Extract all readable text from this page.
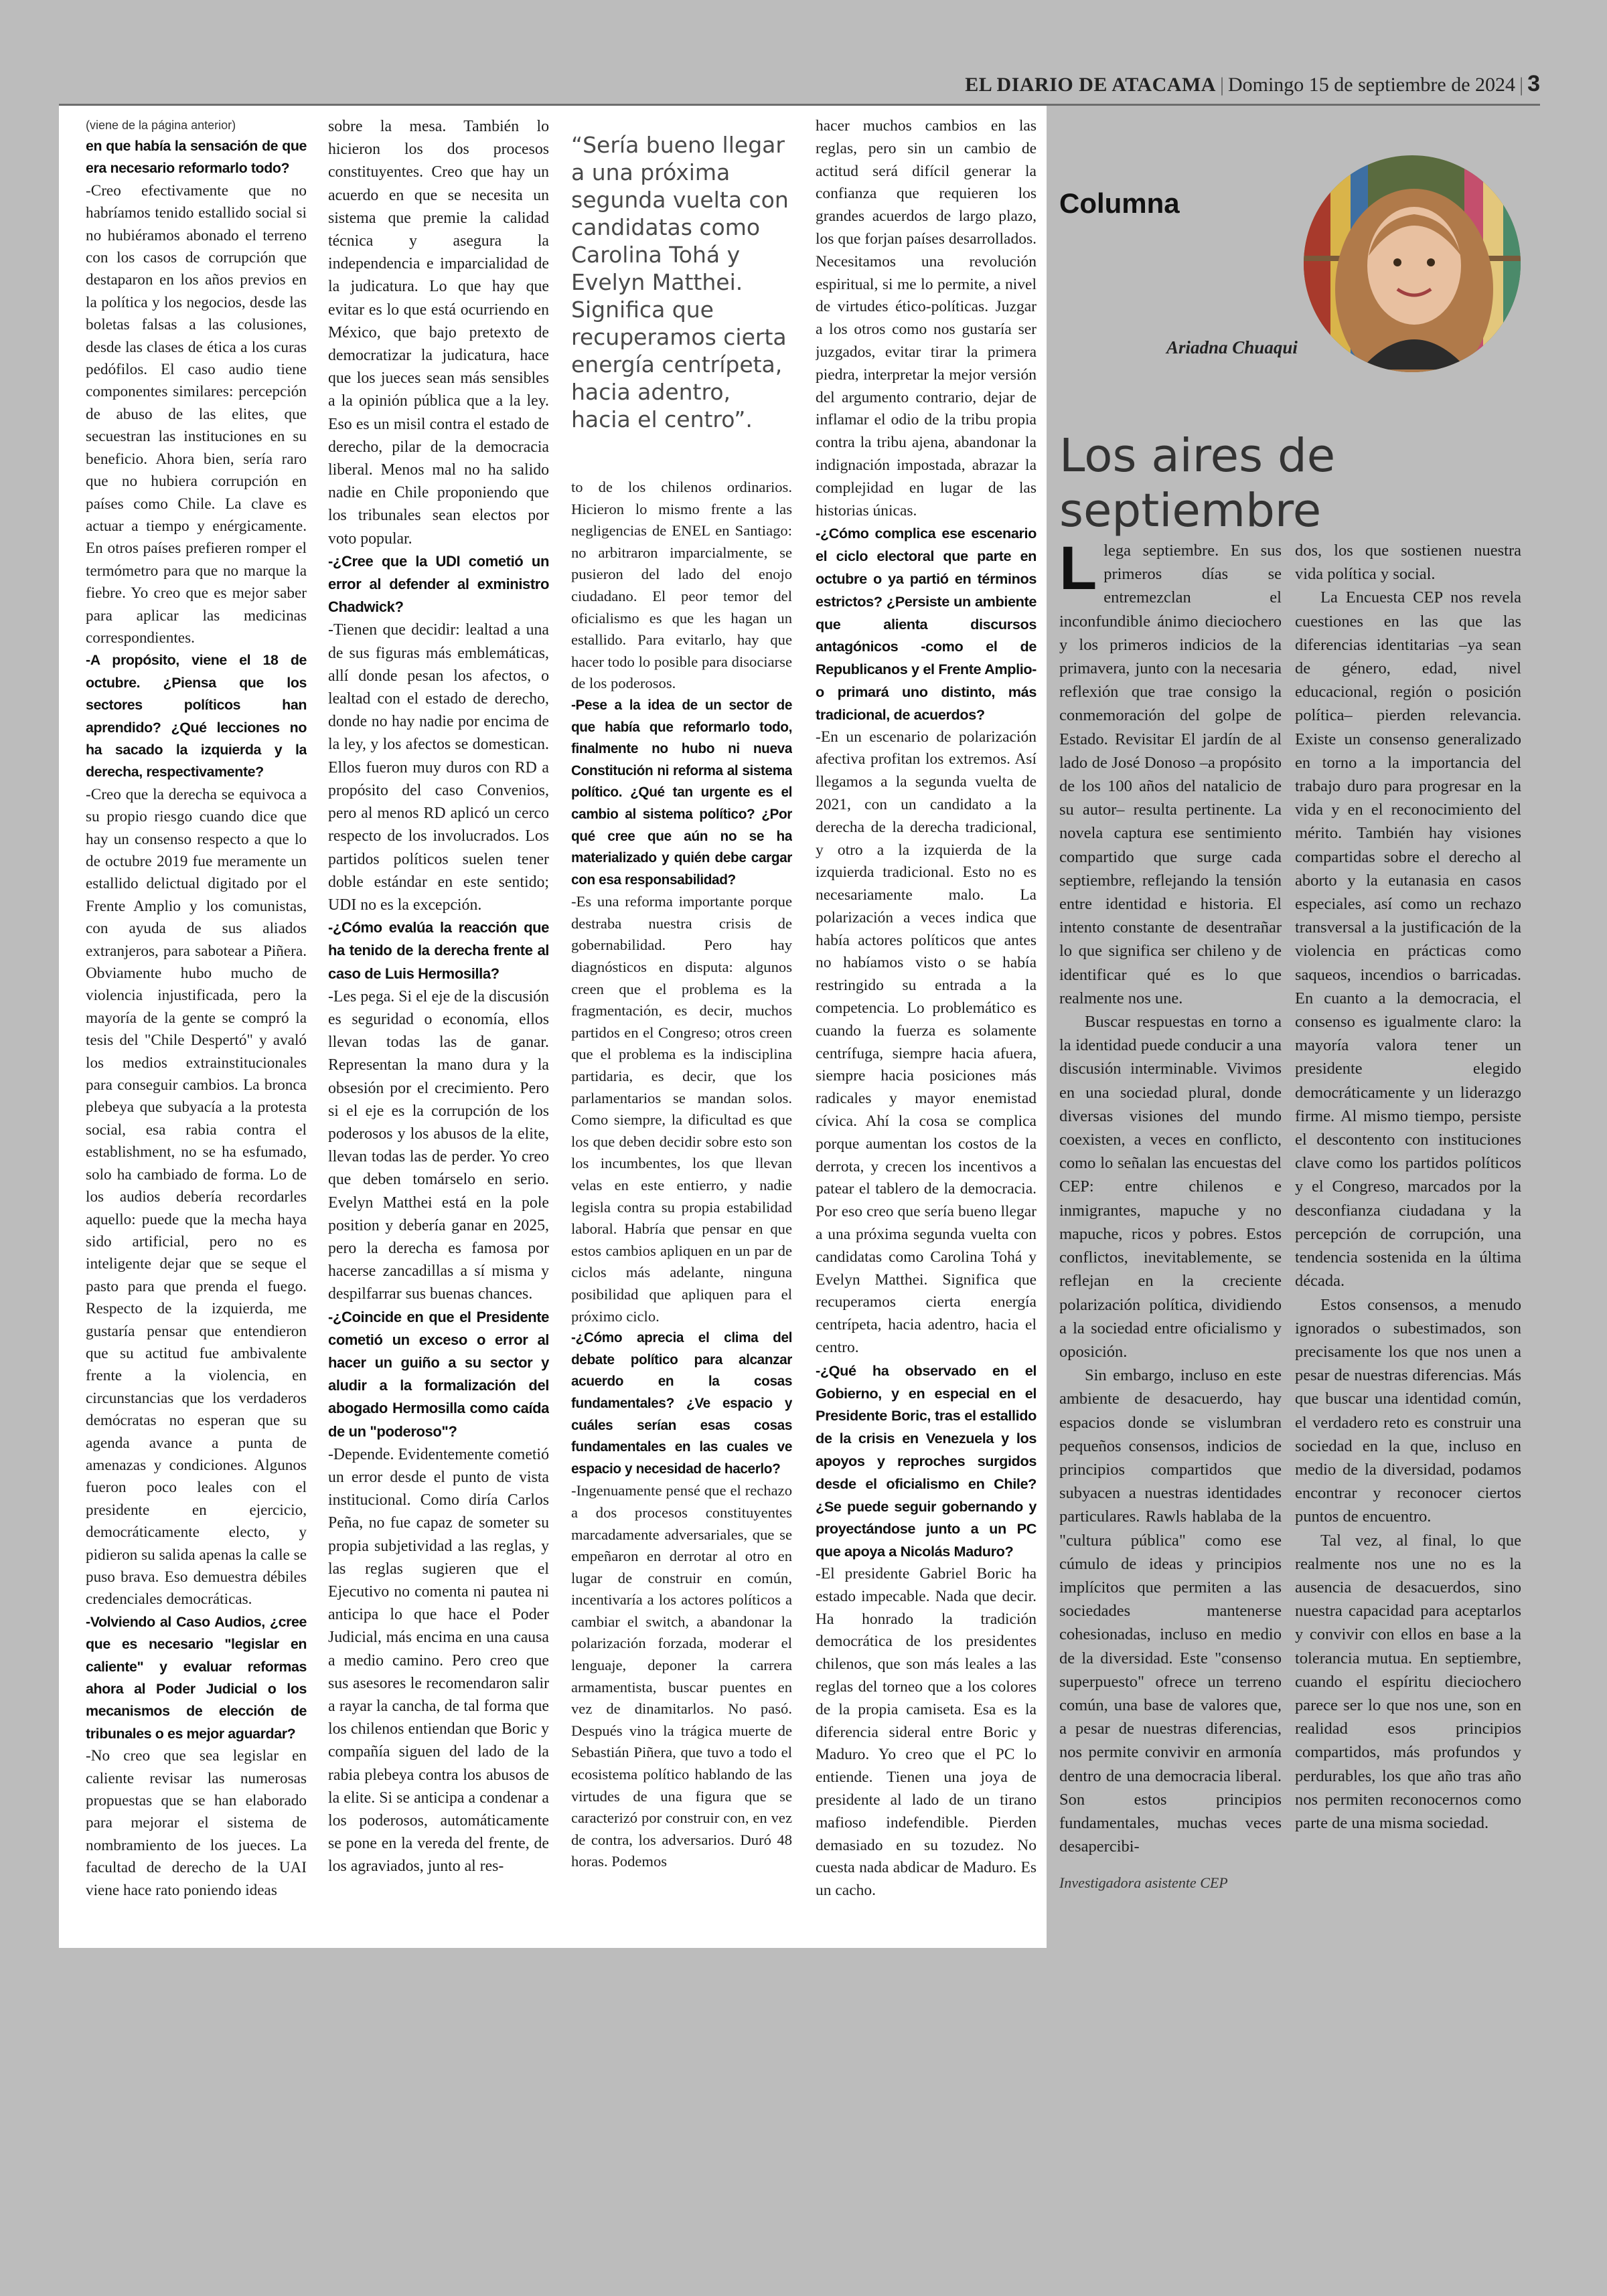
EL DIARIO DE ATACAMA | Domingo 15 de septiembre de 2024 | 3

(viene de la página anterior)

en que había la sensación de que era necesario reformarlo todo?

-Creo efectivamente que no habríamos tenido estallido social si no hubiéramos abonado el terreno con los casos de corrupción que destaparon en los años previos en la política y los negocios, desde las boletas falsas a las colusiones, desde las clases de ética a los curas pedófilos. El caso audio tiene componentes similares: percepción de abuso de las elites, que secuestran las instituciones en su beneficio. Ahora bien, sería raro que no hubiera corrupción en países como Chile. La clave es actuar a tiempo y enérgicamente. En otros países prefieren romper el termómetro para que no marque la fiebre. Yo creo que es mejor saber para aplicar las medicinas correspondientes.

-A propósito, viene el 18 de octubre. ¿Piensa que los sectores políticos han aprendido? ¿Qué lecciones no ha sacado la izquierda y la derecha, respectivamente?

-Creo que la derecha se equivoca a su propio riesgo cuando dice que hay un consenso respecto a que lo de octubre 2019 fue meramente un estallido delictual digitado por el Frente Amplio y los comunistas, con ayuda de sus aliados extranjeros, para sabotear a Piñera. Obviamente hubo mucho de violencia injustificada, pero la mayoría de la gente se compró la tesis del "Chile Despertó" y avaló los medios extrainstitucionales para conseguir cambios. La bronca plebeya que subyacía a la protesta social, esa rabia contra el establishment, no se ha esfumado, solo ha cambiado de forma. Lo de los audios debería recordarles aquello: puede que la mecha haya sido artificial, pero no es inteligente dejar que se seque el pasto para que prenda el fuego. Respecto de la izquierda, me gustaría pensar que entendieron que su actitud fue ambivalente frente a la violencia, en circunstancias que los verdaderos demócratas no esperan que su agenda avance a punta de amenazas y condiciones. Algunos fueron poco leales con el presidente en ejercicio, democráticamente electo, y pidieron su salida apenas la calle se puso brava. Eso demuestra débiles credenciales democráticas.

-Volviendo al Caso Audios, ¿cree que es necesario "legislar en caliente" y evaluar reformas ahora al Poder Judicial o los mecanismos de elección de tribunales o es mejor aguardar?

-No creo que sea legislar en caliente revisar las numerosas propuestas que se han elaborado para mejorar el sistema de nombramiento de los jueces. La facultad de derecho de la UAI viene hace rato poniendo ideas

sobre la mesa. También lo hicieron los dos procesos constituyentes. Creo que hay un acuerdo en que se necesita un sistema que premie la calidad técnica y asegura la independencia e imparcialidad de la judicatura. Lo que hay que evitar es lo que está ocurriendo en México, que bajo pretexto de democratizar la judicatura, hace que los jueces sean más sensibles a la opinión pública que a la ley. Eso es un misil contra el estado de derecho, pilar de la democracia liberal. Menos mal no ha salido nadie en Chile proponiendo que los tribunales sean electos por voto popular.

-¿Cree que la UDI cometió un error al defender al exministro Chadwick?

-Tienen que decidir: lealtad a una de sus figuras más emblemáticas, allí donde pesan los afectos, o lealtad con el estado de derecho, donde no hay nadie por encima de la ley, y los afectos se domestican. Ellos fueron muy duros con RD a propósito del caso Convenios, pero al menos RD aplicó un cerco respecto de los involucrados. Los partidos políticos suelen tener doble estándar en este sentido; UDI no es la excepción.

-¿Cómo evalúa la reacción que ha tenido de la derecha frente al caso de Luis Hermosilla?

-Les pega. Si el eje de la discusión es seguridad o economía, ellos llevan todas las de ganar. Representan la mano dura y la obsesión por el crecimiento. Pero si el eje es la corrupción de los poderosos y los abusos de la elite, llevan todas las de perder. Yo creo que deben tomárselo en serio. Evelyn Matthei está en la pole position y debería ganar en 2025, pero la derecha es famosa por hacerse zancadillas a sí misma y despilfarrar sus buenas chances.

-¿Coincide en que el Presidente cometió un exceso o error al hacer un guiño a su sector y aludir a la formalización del abogado Hermosilla como caída de un "poderoso"?

-Depende. Evidentemente cometió un error desde el punto de vista institucional. Como diría Carlos Peña, no fue capaz de someter su propia subjetividad a las reglas, y las reglas sugieren que el Ejecutivo no comenta ni pautea ni anticipa lo que hace el Poder Judicial, más encima en una causa a medio camino. Pero creo que sus asesores le recomendaron salir a rayar la cancha, de tal forma que los chilenos entiendan que Boric y compañía siguen del lado de la rabia plebeya contra los abusos de la elite. Si se anticipa a condenar a los poderosos, automáticamente se pone en la vereda del frente, de los agraviados, junto al res-

“Sería bueno llegar a una próxima segunda vuelta con candidatas como Carolina Tohá y Evelyn Matthei. Significa que recuperamos cierta energía centrípeta, hacia adentro, hacia el centro”.

to de los chilenos ordinarios. Hicieron lo mismo frente a las negligencias de ENEL en Santiago: no arbitraron imparcialmente, se pusieron del lado del enojo ciudadano. El peor temor del oficialismo es que les hagan un estallido. Para evitarlo, hay que hacer todo lo posible para disociarse de los poderosos.

-Pese a la idea de un sector de que había que reformarlo todo, finalmente no hubo ni nueva Constitución ni reforma al sistema político. ¿Qué tan urgente es el cambio al sistema político? ¿Por qué cree que aún no se ha materializado y quién debe cargar con esa responsabilidad?

-Es una reforma importante porque destraba nuestra crisis de gobernabilidad. Pero hay diagnósticos en disputa: algunos creen que el problema es la fragmentación, es decir, muchos partidos en el Congreso; otros creen que el problema es la indisciplina partidaria, es decir, que los parlamentarios se mandan solos. Como siempre, la dificultad es que los que deben decidir sobre esto son los incumbentes, los que llevan velas en este entierro, y nadie legisla contra su propia estabilidad laboral. Habría que pensar en que estos cambios apliquen en un par de ciclos más adelante, ninguna posibilidad que apliquen para el próximo ciclo.

-¿Cómo aprecia el clima del debate político para alcanzar acuerdo en la cosas fundamentales? ¿Ve espacio y cuáles serían esas cosas fundamentales en las cuales ve espacio y necesidad de hacerlo?

-Ingenuamente pensé que el rechazo a dos procesos constituyentes marcadamente adversariales, que se empeñaron en derrotar al otro en lugar de construir en común, incentivaría a los actores políticos a cambiar el switch, a abandonar la polarización forzada, moderar el lenguaje, deponer la carrera armamentista, buscar puentes en vez de dinamitarlos. No pasó. Después vino la trágica muerte de Sebastián Piñera, que tuvo a todo el ecosistema político hablando de las virtudes de una figura que se caracterizó por construir con, en vez de contra, los adversarios. Duró 48 horas. Podemos

hacer muchos cambios en las reglas, pero sin un cambio de actitud será difícil generar la confianza que requieren los grandes acuerdos de largo plazo, los que forjan países desarrollados. Necesitamos una revolución espiritual, si me lo permite, a nivel de virtudes ético-políticas. Juzgar a los otros como nos gustaría ser juzgados, evitar tirar la primera piedra, interpretar la mejor versión del argumento contrario, dejar de inflamar el odio de la tribu propia contra la tribu ajena, abandonar la indignación impostada, abrazar la complejidad en lugar de las historias únicas.

-¿Cómo complica ese escenario el ciclo electoral que parte en octubre o ya partió en términos estrictos? ¿Persiste un ambiente que alienta discursos antagónicos -como el de Republicanos y el Frente Amplio- o primará uno distinto, más tradicional, de acuerdos?

-En un escenario de polarización afectiva profitan los extremos. Así llegamos a la segunda vuelta de 2021, con un candidato a la derecha de la derecha tradicional, y otro a la izquierda de la izquierda tradicional. Esto no es necesariamente malo. La polarización a veces indica que había actores políticos que antes no habíamos visto o se había restringido su entrada a la competencia. Lo problemático es cuando la fuerza es solamente centrífuga, siempre hacia afuera, siempre hacia posiciones más radicales y mayor enemistad cívica. Ahí la cosa se complica porque aumentan los costos de la derrota, y crecen los incentivos a patear el tablero de la democracia. Por eso creo que sería bueno llegar a una próxima segunda vuelta con candidatas como Carolina Tohá y Evelyn Matthei. Significa que recuperamos cierta energía centrípeta, hacia adentro, hacia el centro.

-¿Qué ha observado en el Gobierno, y en especial en el Presidente Boric, tras el estallido de la crisis en Venezuela y los apoyos y reproches surgidos desde el oficialismo en Chile? ¿Se puede seguir gobernando y proyectándose junto a un PC que apoya a Nicolás Maduro?

-El presidente Gabriel Boric ha estado impecable. Nada que decir. Ha honrado la tradición democrática de los presidentes chilenos, que son más leales a las reglas del torneo que a los colores de la propia camiseta. Esa es la diferencia sideral entre Boric y Maduro. Yo creo que el PC lo entiende. Tienen una joya de presidente al lado de un tirano mafioso indefendible. Pierden demasiado en su tozudez. No cuesta nada abdicar de Maduro. Es un cacho.

Columna
Ariadna Chuaqui
Los aires de septiembre

Llega septiembre. En sus primeros días se entremezclan el inconfundible ánimo dieciochero y los primeros indicios de la primavera, junto con la necesaria reflexión que trae consigo la conmemoración del golpe de Estado. Revisitar El jardín de al lado de José Donoso –a propósito de los 100 años del natalicio de su autor– resulta pertinente. La novela captura ese sentimiento compartido que surge cada septiembre, reflejando la tensión entre identidad e historia. El intento constante de desentrañar lo que significa ser chileno y de identificar qué es lo que realmente nos une.

Buscar respuestas en torno a la identidad puede conducir a una discusión interminable. Vivimos en una sociedad plural, donde diversas visiones del mundo coexisten, a veces en conflicto, como lo señalan las encuestas del CEP: entre chilenos e inmigrantes, mapuche y no mapuche, ricos y pobres. Estos conflictos, inevitablemente, se reflejan en la creciente polarización política, dividiendo a la sociedad entre oficialismo y oposición.

Sin embargo, incluso en este ambiente de desacuerdo, hay espacios donde se vislumbran pequeños consensos, indicios de principios compartidos que subyacen a nuestras identidades particulares. Rawls hablaba de la "cultura pública" como ese cúmulo de ideas y principios implícitos que permiten a las sociedades mantenerse cohesionadas, incluso en medio de la diversidad. Este "consenso superpuesto" ofrece un terreno común, una base de valores que, a pesar de nuestras diferencias, nos permite convivir en armonía dentro de una democracia liberal. Son estos principios fundamentales, muchas veces desapercibi-

dos, los que sostienen nuestra vida política y social.

La Encuesta CEP nos revela cuestiones en las que las diferencias identitarias –ya sean de género, edad, nivel educacional, región o posición política– pierden relevancia. Existe un consenso generalizado en torno a la importancia del trabajo duro para progresar en la vida y en el reconocimiento del mérito. También hay visiones compartidas sobre el derecho al aborto y la eutanasia en casos especiales, así como un rechazo transversal a la justificación de la violencia en prácticas como saqueos, incendios o barricadas. En cuanto a la democracia, el consenso es igualmente claro: la mayoría valora tener un presidente elegido democráticamente y un liderazgo firme. Al mismo tiempo, persiste el descontento con instituciones clave como los partidos políticos y el Congreso, marcados por la desconfianza ciudadana y la percepción de corrupción, una tendencia sostenida en la última década.

Estos consensos, a menudo ignorados o subestimados, son precisamente los que nos unen a pesar de nuestras diferencias. Más que buscar una identidad común, el verdadero reto es construir una sociedad en la que, incluso en medio de la diversidad, podamos encontrar y reconocer ciertos puntos de encuentro.

Tal vez, al final, lo que realmente nos une no es la ausencia de desacuerdos, sino nuestra capacidad para aceptarlos y convivir con ellos en base a la tolerancia mutua. En septiembre, cuando el espíritu dieciochero parece ser lo que nos une, son en realidad esos principios compartidos, más profundos y perdurables, los que año tras año nos permiten reconocernos como parte de una misma sociedad.

Investigadora asistente CEP
